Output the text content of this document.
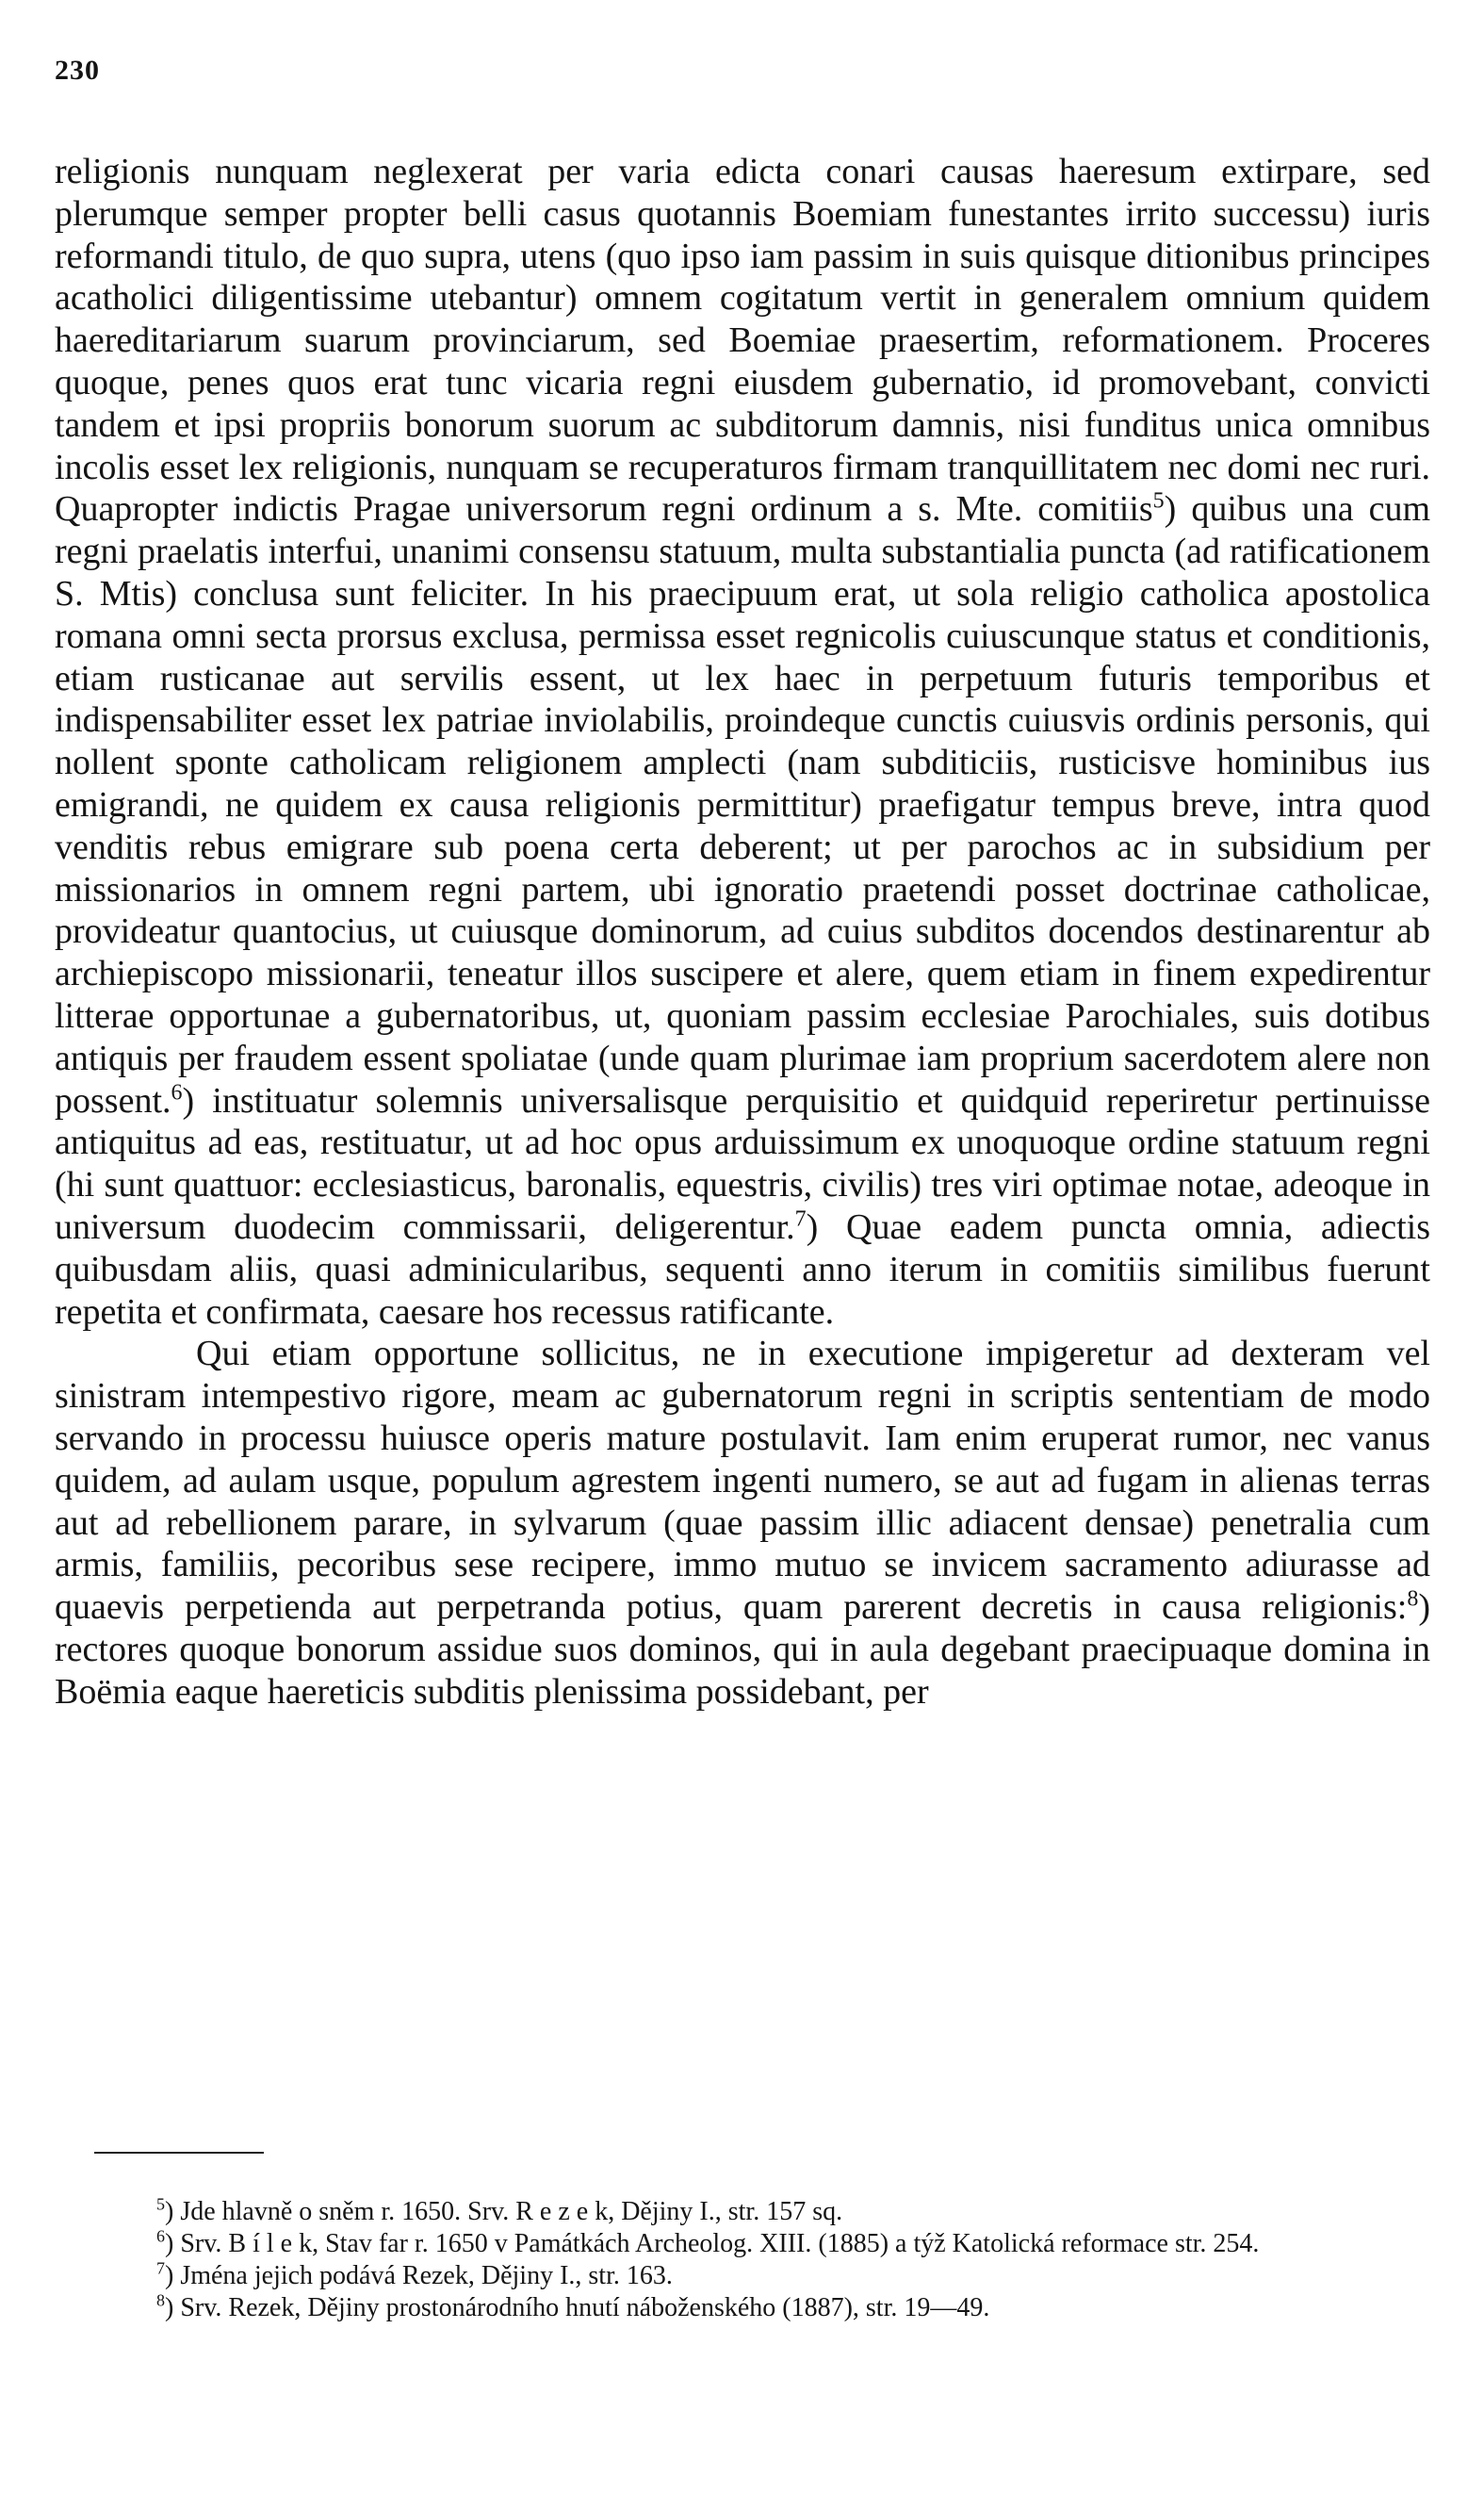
230

religionis nunquam neglexerat per varia edicta conari causas haeresum extirpare, sed plerumque semper propter belli casus quotannis Boemiam funestantes irrito successu) iuris reformandi titulo, de quo supra, utens (quo ipso iam passim in suis quisque ditionibus principes acatholici diligentissime utebantur) omnem cogitatum vertit in generalem omnium quidem haereditariarum suarum provinciarum, sed Boemiae praesertim, reformationem. Proceres quoque, penes quos erat tunc vicaria regni eiusdem gubernatio, id promovebant, convicti tandem et ipsi propriis bonorum suorum ac subditorum damnis, nisi funditus unica omnibus incolis esset lex religionis, nunquam se recuperaturos firmam tranquillitatem nec domi nec ruri. Quapropter indictis Pragae universorum regni ordinum a s. Mte. comitiis$^5$) quibus una cum regni praelatis interfui, unanimi consensu statuum, multa substantialia puncta (ad ratificationem S. Mtis) conclusa sunt feliciter. In his praecipuum erat, ut sola religio catholica apostolica romana omni secta prorsus exclusa, permissa esset regnicolis cuiuscunque status et conditionis, etiam rusticanae aut servilis essent, ut lex haec in perpetuum futuris temporibus et indispensabiliter esset lex patriae inviolabilis, proindeque cunctis cuiusvis ordinis personis, qui nollent sponte catholicam religionem amplecti (nam subditiciis, rusticisve hominibus ius emigrandi, ne quidem ex causa religionis permittitur) praefigatur tempus breve, intra quod venditis rebus emigrare sub poena certa deberent; ut per parochos ac in subsidium per missionarios in omnem regni partem, ubi ignoratio praetendi posset doctrinae catholicae, provideatur quantocius, ut cuiusque dominorum, ad cuius subditos docendos destinarentur ab archiepiscopo missionarii, teneatur illos suscipere et alere, quem etiam in finem expedirentur litterae opportunae a gubernatoribus, ut, quoniam passim ecclesiae Parochiales, suis dotibus antiquis per fraudem essent spoliatae (unde quam plurimae iam proprium sacerdotem alere non possent.$^6$) instituatur solemnis universalisque perquisitio et quidquid reperiretur pertinuisse antiquitus ad eas, restituatur, ut ad hoc opus arduissimum ex unoquoque ordine statuum regni (hi sunt quattuor: ecclesiasticus, baronalis, equestris, civilis) tres viri optimae notae, adeoque in universum duodecim commissarii, deligerentur.$^7$) Quae eadem puncta omnia, adiectis quibusdam aliis, quasi adminicularibus, sequenti anno iterum in comitiis similibus fuerunt repetita et confirmata, caesare hos recessus ratificante.

Qui etiam opportune sollicitus, ne in executione impigeretur ad dexteram vel sinistram intempestivo rigore, meam ac gubernatorum regni in scriptis sententiam de modo servando in processu huiusce operis mature postulavit. Iam enim eruperat rumor, nec vanus quidem, ad aulam usque, populum agrestem ingenti numero, se aut ad fugam in alienas terras aut ad rebellionem parare, in sylvarum (quae passim illic adiacent densae) penetralia cum armis, familiis, pecoribus sese recipere, immo mutuo se invicem sacramento adiurasse ad quaevis perpetienda aut perpetranda potius, quam parerent decretis in causa religionis:$^8$) rectores quoque bonorum assidue suos dominos, qui in aula degebant praecipuaque domina in Boëmia eaque haereticis subditis plenissima possidebant, per

$^5$) Jde hlavně o sněm r. 1650. Srv. R e z e k, Dějiny I., str. 157 sq.

$^6$) Srv. B í l e k, Stav far r. 1650 v Památkách Archeolog. XIII. (1885) a týž Katolická reformace str. 254.

$^7$) Jména jejich podává Rezek, Dějiny I., str. 163.

$^8$) Srv. Rezek, Dějiny prostonárodního hnutí náboženského (1887), str. 19—49.
